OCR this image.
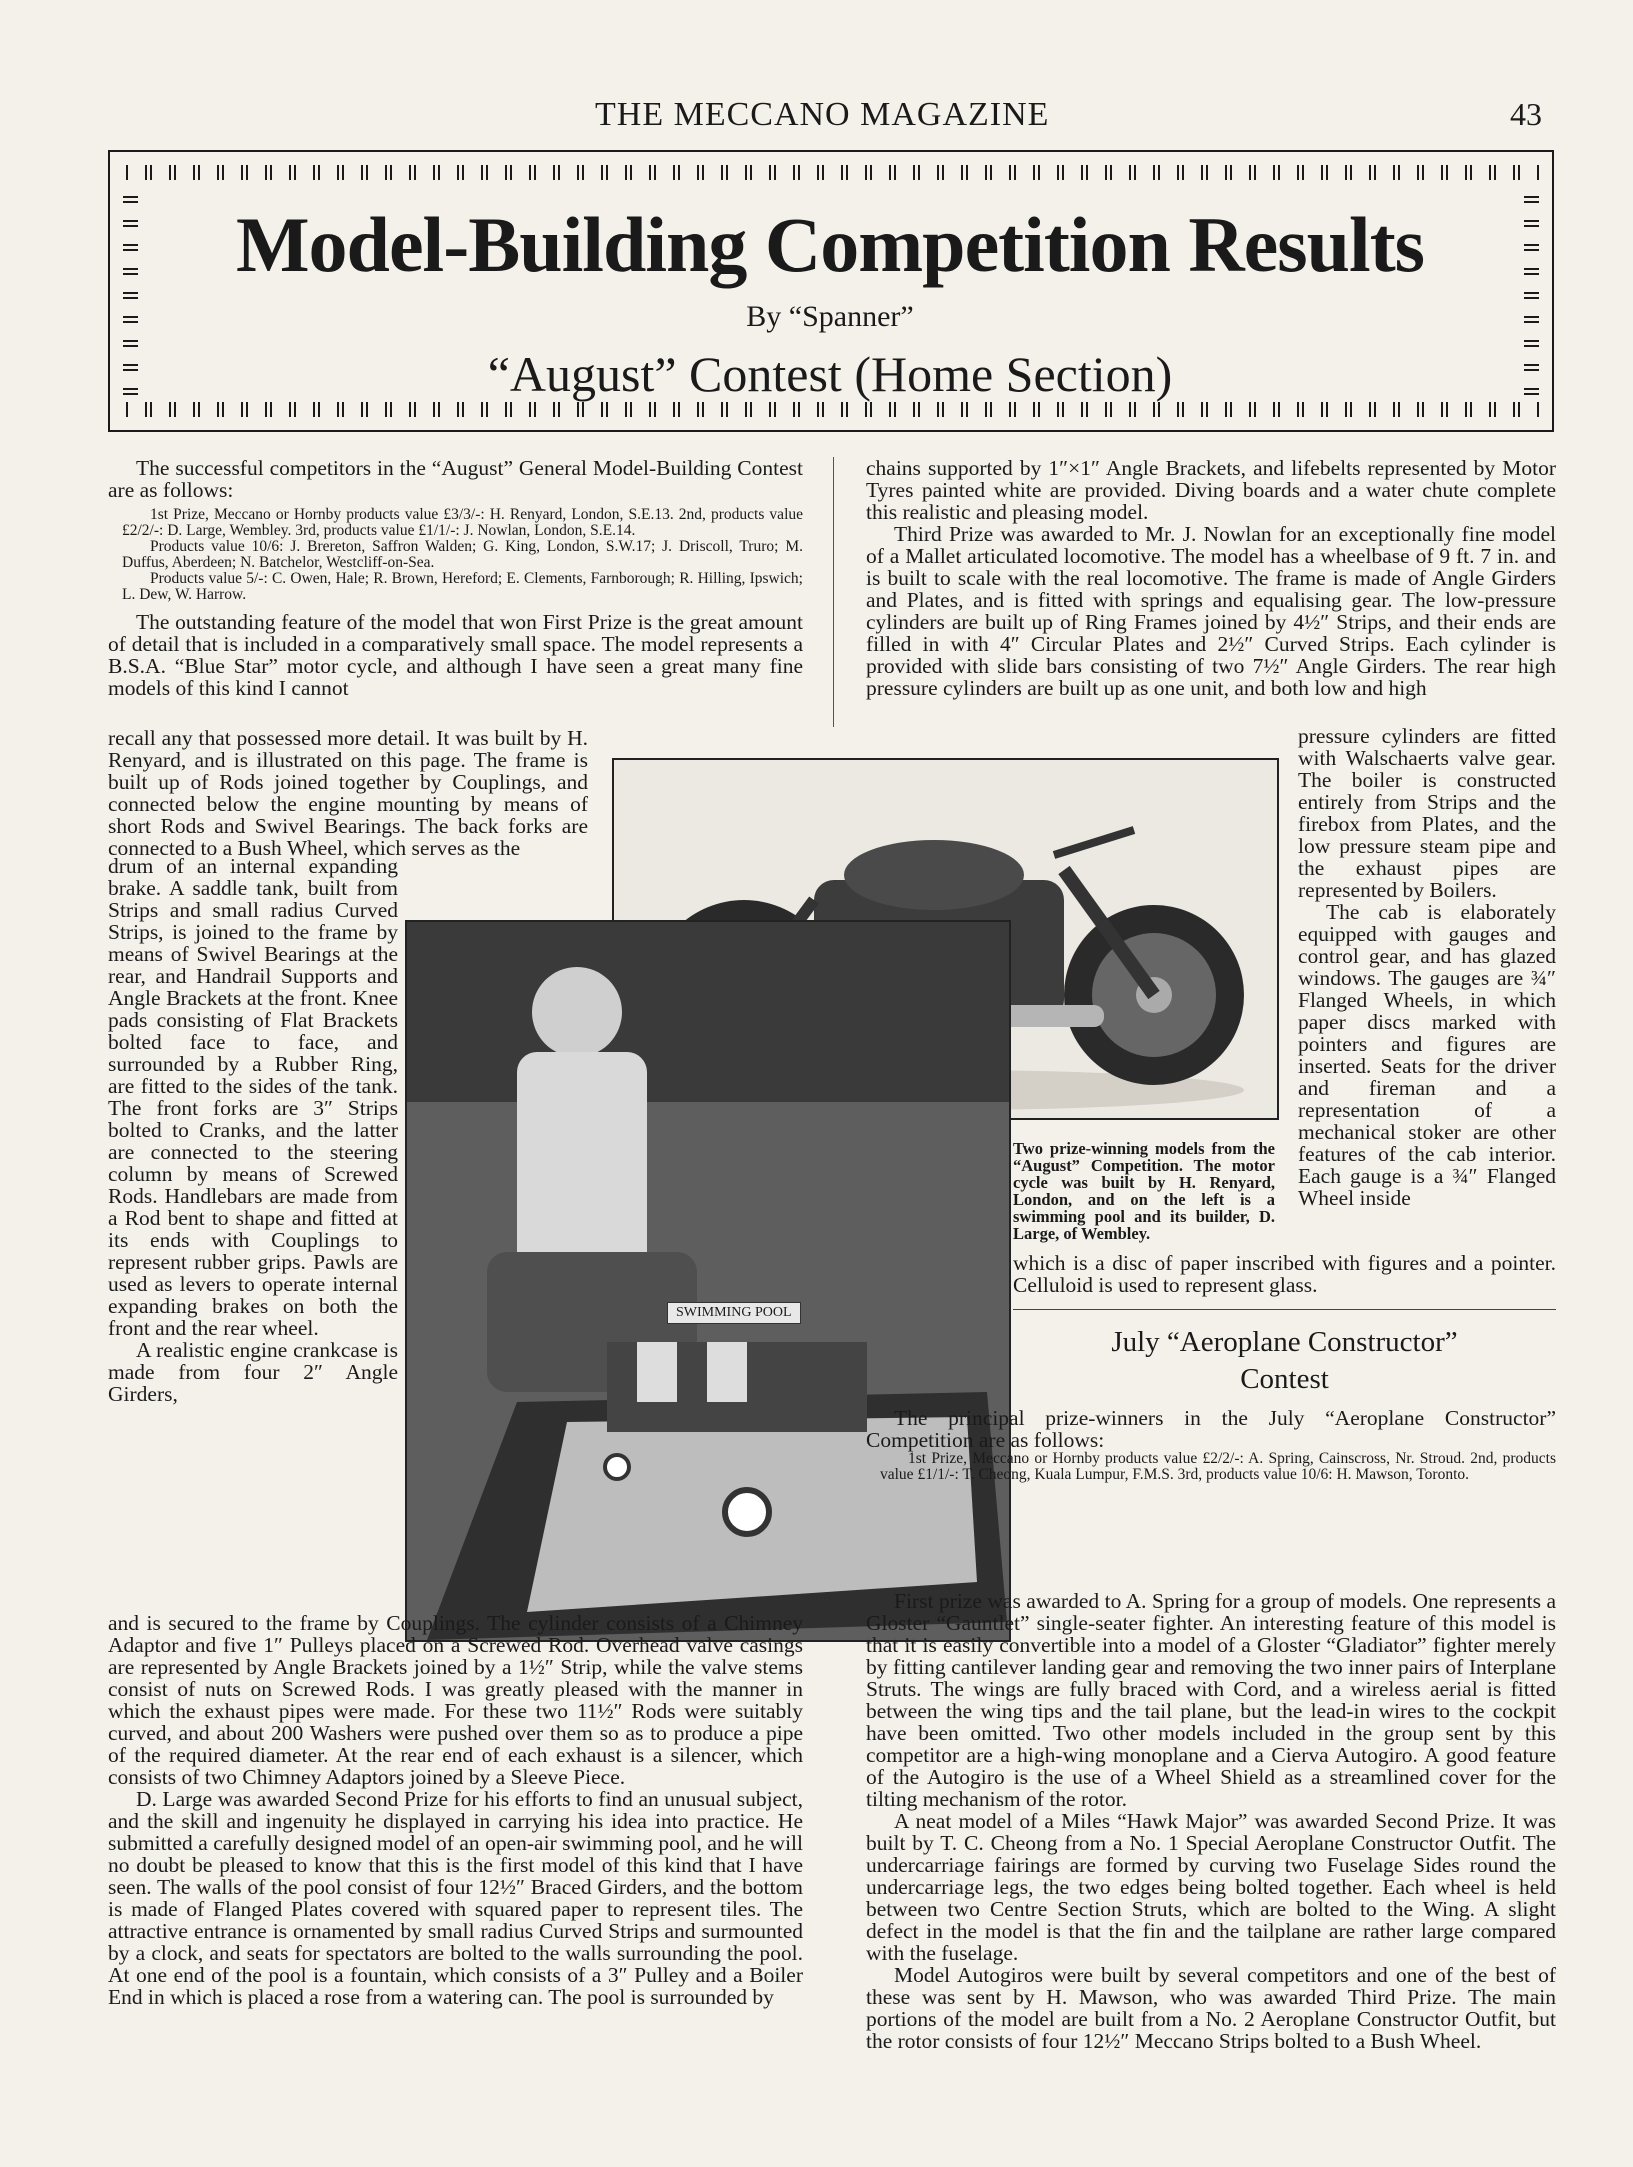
THE MECCANO MAGAZINE	43
Model-Building Competition Results
By “Spanner”
“August” Contest (Home Section)

The successful competitors in the “August” General Model-Building Contest are as follows:

1st Prize, Meccano or Hornby products value £3/3/-: H. Renyard, London, S.E.13. 2nd, products value £2/2/-: D. Large, Wembley. 3rd, products value £1/1/-: J. Nowlan, London, S.E.14.

Products value 10/6: J. Brereton, Saffron Walden; G. King, London, S.W.17; J. Driscoll, Truro; M. Duffus, Aberdeen; N. Batchelor, Westcliff-on-Sea.

Products value 5/-: C. Owen, Hale; R. Brown, Hereford; E. Clements, Farnborough; R. Hilling, Ipswich; L. Dew, W. Harrow.

The outstanding feature of the model that won First Prize is the great amount of detail that is included in a comparatively small space. The model represents a B.S.A. “Blue Star” motor cycle, and although I have seen a great many fine models of this kind I cannot

chains supported by 1″×1″ Angle Brackets, and lifebelts represented by Motor Tyres painted white are provided. Diving boards and a water chute complete this realistic and pleasing model.

Third Prize was awarded to Mr. J. Nowlan for an exceptionally fine model of a Mallet articulated locomotive. The model has a wheelbase of 9 ft. 7 in. and is built to scale with the real locomotive. The frame is made of Angle Girders and Plates, and is fitted with springs and equalising gear. The low-pressure cylinders are built up of Ring Frames joined by 4½″ Strips, and their ends are filled in with 4″ Circular Plates and 2½″ Curved Strips. Each cylinder is provided with slide bars consisting of two 7½″ Angle Girders. The rear high pressure cylinders are built up as one unit, and both low and high

recall any that possessed more detail. It was built by H. Renyard, and is illustrated on this page. The frame is built up of Rods joined together by Couplings, and connected below the engine mounting by means of short Rods and Swivel Bearings. The back forks are connected to a Bush Wheel, which serves as the

drum of an internal expanding brake. A saddle tank, built from Strips and small radius Curved Strips, is joined to the frame by means of Swivel Bearings at the rear, and Handrail Supports and Angle Brackets at the front. Knee pads consisting of Flat Brackets bolted face to face, and surrounded by a Rubber Ring, are fitted to the sides of the tank. The front forks are 3″ Strips bolted to Cranks, and the latter are connected to the steering column by means of Screwed Rods. Handlebars are made from a Rod bent to shape and fitted at its ends with Couplings to represent rubber grips. Pawls are used as levers to operate internal expanding brakes on both the front and the rear wheel.

A realistic engine crankcase is made from four 2″ Angle Girders,

pressure cylinders are fitted with Walschaerts valve gear. The boiler is constructed entirely from Strips and the firebox from Plates, and the low pressure steam pipe and the exhaust pipes are represented by Boilers.

The cab is elaborately equipped with gauges and control gear, and has glazed windows. The gauges are ¾″ Flanged Wheels, in which paper discs marked with pointers and figures are inserted. Seats for the driver and fireman and a representation of a mechanical stoker are other features of the cab interior. Each gauge is a ¾″ Flanged Wheel inside

SWIMMING POOL

Two prize-winning models from the “August” Competition. The motor cycle was built by H. Renyard, London, and on the left is a swimming pool and its builder, D. Large, of Wembley.

which is a disc of paper inscribed with figures and a pointer. Celluloid is used to represent glass.

July “Aeroplane Constructor”
Contest

The principal prize-winners in the July “Aeroplane Constructor” Competition are as follows:

1st Prize, Meccano or Hornby products value £2/2/-: A. Spring, Cainscross, Nr. Stroud. 2nd, products value £1/1/-: T. Cheong, Kuala Lumpur, F.M.S. 3rd, products value 10/6: H. Mawson, Toronto.

First prize was awarded to A. Spring for a group of models. One represents a Gloster “Gauntlet” single-seater fighter. An interesting feature of this model is that it is easily convertible into a model of a Gloster “Gladiator” fighter merely by fitting cantilever landing gear and removing the two inner pairs of Interplane Struts. The wings are fully braced with Cord, and a wireless aerial is fitted between the wing tips and the tail plane, but the lead-in wires to the cockpit have been omitted. Two other models included in the group sent by this competitor are a high-wing monoplane and a Cierva Autogiro. A good feature of the Autogiro is the use of a Wheel Shield as a streamlined cover for the tilting mechanism of the rotor.

A neat model of a Miles “Hawk Major” was awarded Second Prize. It was built by T. C. Cheong from a No. 1 Special Aeroplane Constructor Outfit. The undercarriage fairings are formed by curving two Fuselage Sides round the undercarriage legs, the two edges being bolted together. Each wheel is held between two Centre Section Struts, which are bolted to the Wing. A slight defect in the model is that the fin and the tailplane are rather large compared with the fuselage.

Model Autogiros were built by several competitors and one of the best of these was sent by H. Mawson, who was awarded Third Prize. The main portions of the model are built from a No. 2 Aeroplane Constructor Outfit, but the rotor consists of four 12½″ Meccano Strips bolted to a Bush Wheel.

and is secured to the frame by Couplings. The cylinder consists of a Chimney Adaptor and five 1″ Pulleys placed on a Screwed Rod. Overhead valve casings are represented by Angle Brackets joined by a 1½″ Strip, while the valve stems consist of nuts on Screwed Rods. I was greatly pleased with the manner in which the exhaust pipes were made. For these two 11½″ Rods were suitably curved, and about 200 Washers were pushed over them so as to produce a pipe of the required diameter. At the rear end of each exhaust is a silencer, which consists of two Chimney Adaptors joined by a Sleeve Piece.

D. Large was awarded Second Prize for his efforts to find an unusual subject, and the skill and ingenuity he displayed in carrying his idea into practice. He submitted a carefully designed model of an open-air swimming pool, and he will no doubt be pleased to know that this is the first model of this kind that I have seen. The walls of the pool consist of four 12½″ Braced Girders, and the bottom is made of Flanged Plates covered with squared paper to represent tiles. The attractive entrance is ornamented by small radius Curved Strips and surmounted by a clock, and seats for spectators are bolted to the walls surrounding the pool. At one end of the pool is a fountain, which consists of a 3″ Pulley and a Boiler End in which is placed a rose from a watering can. The pool is surrounded by
